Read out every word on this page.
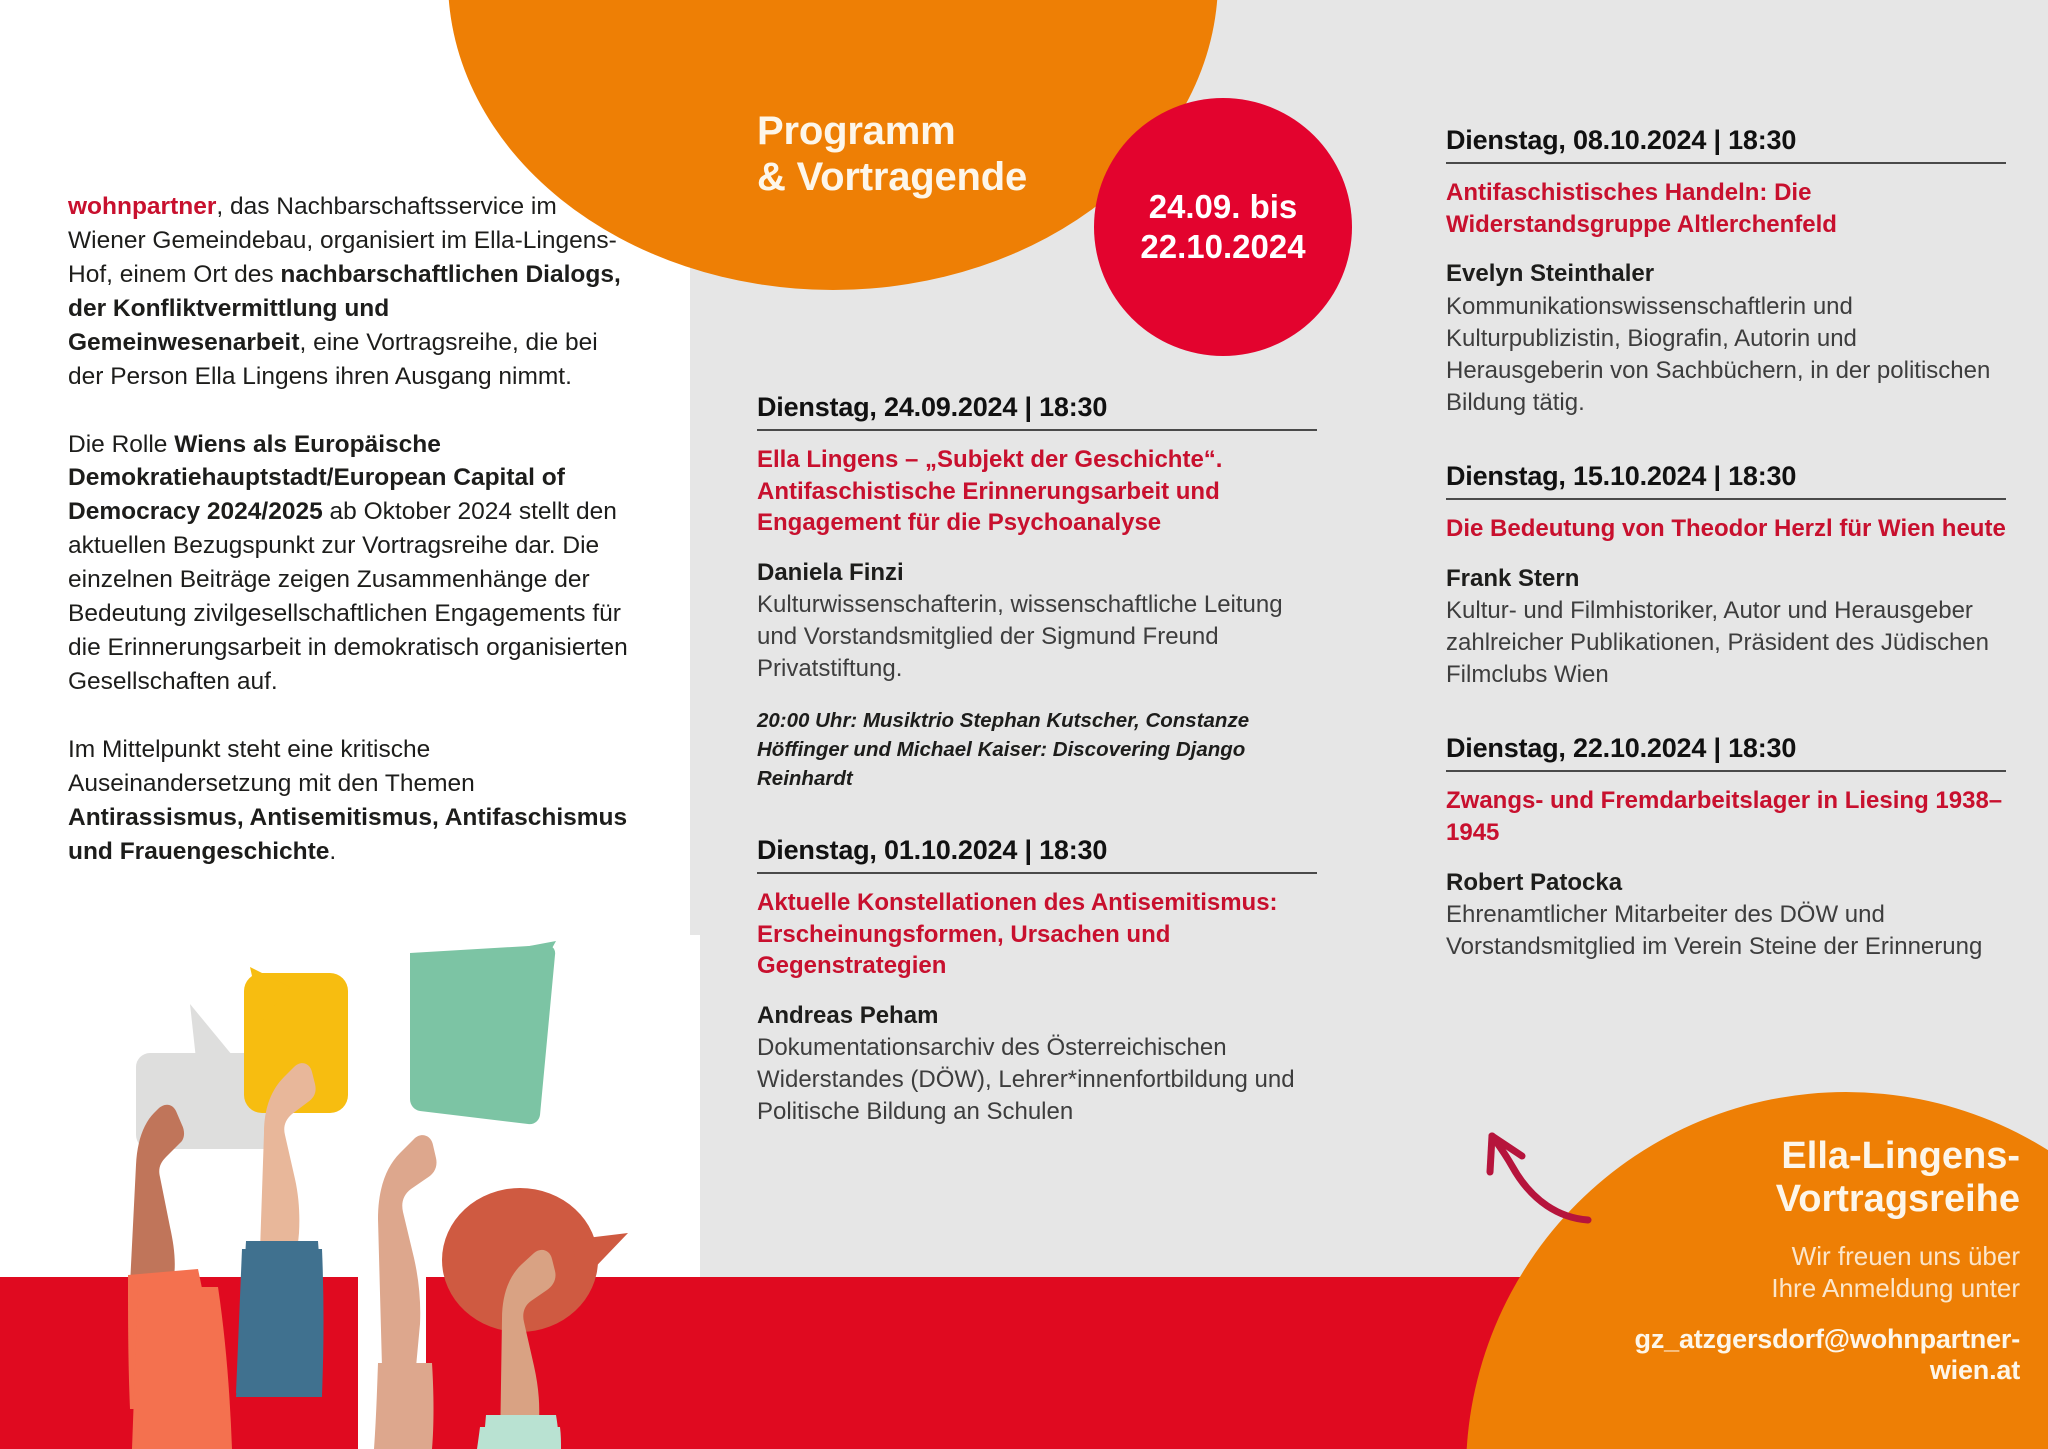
Programm
& Vortragende
24.09. bis
22.10.2024

wohnpartner, das Nachbarschaftsservice im Wiener Gemeindebau, organisiert im Ella-Lingens-Hof, einem Ort des nachbarschaftlichen Dialogs, der Konfliktvermittlung und Gemeinwesenarbeit, eine Vortragsreihe, die bei der Person Ella Lingens ihren Ausgang nimmt.

Die Rolle Wiens als Europäische Demokratiehauptstadt/European Capital of Democracy 2024/2025 ab Oktober 2024 stellt den aktuellen Bezugspunkt zur Vortragsreihe dar. Die einzelnen Beiträge zeigen Zusammenhänge der Bedeutung zivilgesellschaftlichen Engagements für die Erinnerungsarbeit in demokratisch organisierten Gesellschaften auf.

Im Mittelpunkt steht eine kritische Auseinandersetzung mit den Themen Antirassismus, Antisemitismus, Antifaschismus und Frauengeschichte.

Dienstag, 24.09.2024 | 18:30
Ella Lingens – „Subjekt der Geschichte“. Antifaschistische Erinnerungsarbeit und Engagement für die Psychoanalyse
Daniela Finzi
Kulturwissenschafterin, wissenschaftliche Leitung und Vorstandsmitglied der Sigmund Freund Privatstiftung.
20:00 Uhr: Musiktrio Stephan Kutscher, Constanze Höffinger und Michael Kaiser: Discovering Django Reinhardt
Dienstag, 01.10.2024 | 18:30
Aktuelle Konstellationen des Antisemitismus: Erscheinungsformen, Ursachen und Gegenstrategien
Andreas Peham
Dokumentationsarchiv des Österreichischen Widerstandes (DÖW), Lehrer*innenfortbildung und Politische Bildung an Schulen
Dienstag, 08.10.2024 | 18:30
Antifaschistisches Handeln: Die Widerstandsgruppe Altlerchenfeld
Evelyn Steinthaler
Kommunikationswissenschaftlerin und Kulturpublizistin, Biografin, Autorin und Herausgeberin von Sachbüchern, in der politischen Bildung tätig.
Dienstag, 15.10.2024 | 18:30
Die Bedeutung von Theodor Herzl für Wien heute
Frank Stern
Kultur- und Filmhistoriker, Autor und Herausgeber zahlreicher Publikationen, Präsident des Jüdischen Filmclubs Wien
Dienstag, 22.10.2024 | 18:30
Zwangs- und Fremdarbeitslager in Liesing 1938–1945
Robert Patocka
Ehrenamtlicher Mitarbeiter des DÖW und Vorstandsmitglied im Verein Steine der Erinnerung
Ella-Lingens-
Vortragsreihe
Wir freuen uns über
Ihre Anmeldung unter
gz_atzgersdorf@wohnpartner-wien.at
